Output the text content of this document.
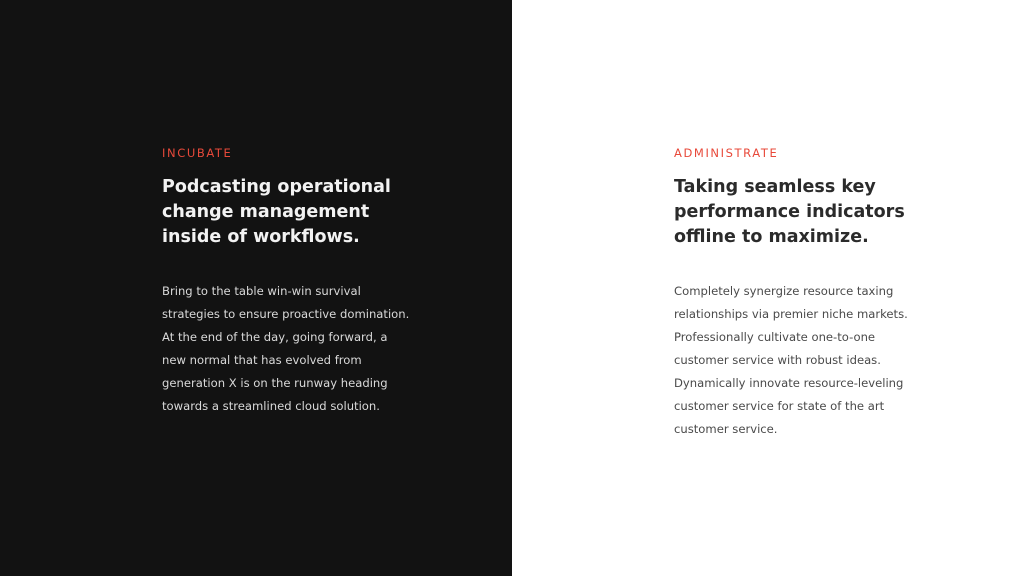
INCUBATE
Podcasting operational change management inside of workflows.

Bring to the table win-win survival strategies to ensure proactive domination. At the end of the day, going forward, a new normal that has evolved from generation X is on the runway heading towards a streamlined cloud solution.

ADMINISTRATE
Taking seamless key performance indicators offline to maximize.

Completely synergize resource taxing relationships via premier niche markets. Professionally cultivate one-to-one customer service with robust ideas. Dynamically innovate resource-leveling customer service for state of the art customer service.
